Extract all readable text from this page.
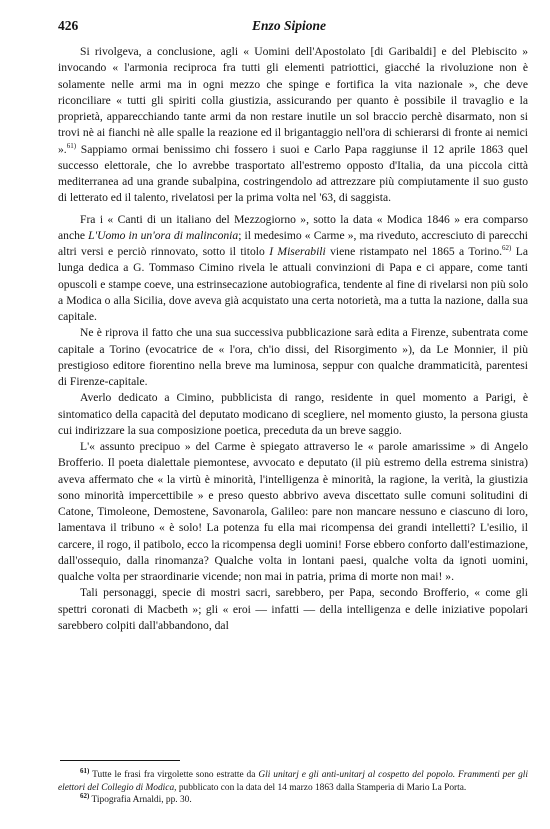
426	Enzo Sipione

Si rivolgeva, a conclusione, agli « Uomini dell'Apostolato [di Garibaldi] e del Plebiscito » invocando « l'armonia reciproca fra tutti gli elementi patriottici, giacché la rivoluzione non è solamente nelle armi ma in ogni mezzo che spinge e fortifica la vita nazionale », che deve riconciliare « tutti gli spiriti colla giustizia, assicurando per quanto è possibile il travaglio e la proprietà, apparecchiando tante armi da non restare inutile un sol braccio perchè disarmato, non si trovi nè ai fianchi nè alle spalle la reazione ed il brigantaggio nell'ora di schierarsi di fronte ai nemici ».$^{61)}$ Sappiamo ormai benissimo chi fossero i suoi e Carlo Papa raggiunse il 12 aprile 1863 quel successo elettorale, che lo avrebbe trasportato all'estremo opposto d'Italia, da una piccola città mediterranea ad una grande subalpina, costringendolo ad attrezzare più compiutamente il suo gusto di letterato ed il talento, rivelatosi per la prima volta nel '63, di saggista.

Fra i « Canti di un italiano del Mezzogiorno », sotto la data « Modica 1846 » era comparso anche L'Uomo in un'ora di malinconia; il medesimo « Carme », ma riveduto, accresciuto di parecchi altri versi e perciò rinnovato, sotto il titolo I Miserabili viene ristampato nel 1865 a Torino.$^{62)}$ La lunga dedica a G. Tommaso Cimino rivela le attuali convinzioni di Papa e ci appare, come tanti opuscoli e stampe coeve, una estrinsecazione autobiografica, tendente al fine di rivelarsi non più solo a Modica o alla Sicilia, dove aveva già acquistato una certa notorietà, ma a tutta la nazione, dalla sua capitale.

Ne è riprova il fatto che una sua successiva pubblicazione sarà edita a Firenze, subentrata come capitale a Torino (evocatrice de « l'ora, ch'io dissi, del Risorgimento »), da Le Monnier, il più prestigioso editore fiorentino nella breve ma luminosa, seppur con qualche drammaticità, parentesi di Firenze-capitale.

Averlo dedicato a Cimino, pubblicista di rango, residente in quel momento a Parigi, è sintomatico della capacità del deputato modicano di scegliere, nel momento giusto, la persona giusta cui indirizzare la sua composizione poetica, preceduta da un breve saggio.

L'« assunto precipuo » del Carme è spiegato attraverso le « parole amarissime » di Angelo Brofferio. Il poeta dialettale piemontese, avvocato e deputato (il più estremo della estrema sinistra) aveva affermato che « la virtù è minorità, l'intelligenza è minorità, la ragione, la verità, la giustizia sono minorità impercettibile » e preso questo abbrivo aveva discettato sulle comuni solitudini di Catone, Timoleone, Demostene, Savonarola, Galileo: pare non mancare nessuno e ciascuno di loro, lamentava il tribuno « è solo! La potenza fu ella mai ricompensa dei grandi intelletti? L'esilio, il carcere, il rogo, il patibolo, ecco la ricompensa degli uomini! Forse ebbero conforto dall'estimazione, dall'ossequio, dalla rinomanza? Qualche volta in lontani paesi, qualche volta da ignoti uomini, qualche volta per straordinarie vicende; non mai in patria, prima di morte non mai! ».

Tali personaggi, specie di mostri sacri, sarebbero, per Papa, secondo Brofferio, « come gli spettri coronati di Macbeth »; gli « eroi — infatti — della intelligenza e delle iniziative popolari sarebbero colpiti dall'abbandono, dal

$^{61)}$ Tutte le frasi fra virgolette sono estratte da Gli unitarj e gli anti-unitarj al cospetto del popolo. Frammenti per gli elettori del Collegio di Modica, pubblicato con la data del 14 marzo 1863 dalla Stamperia di Mario La Porta.

$^{62)}$ Tipografia Arnaldi, pp. 30.
